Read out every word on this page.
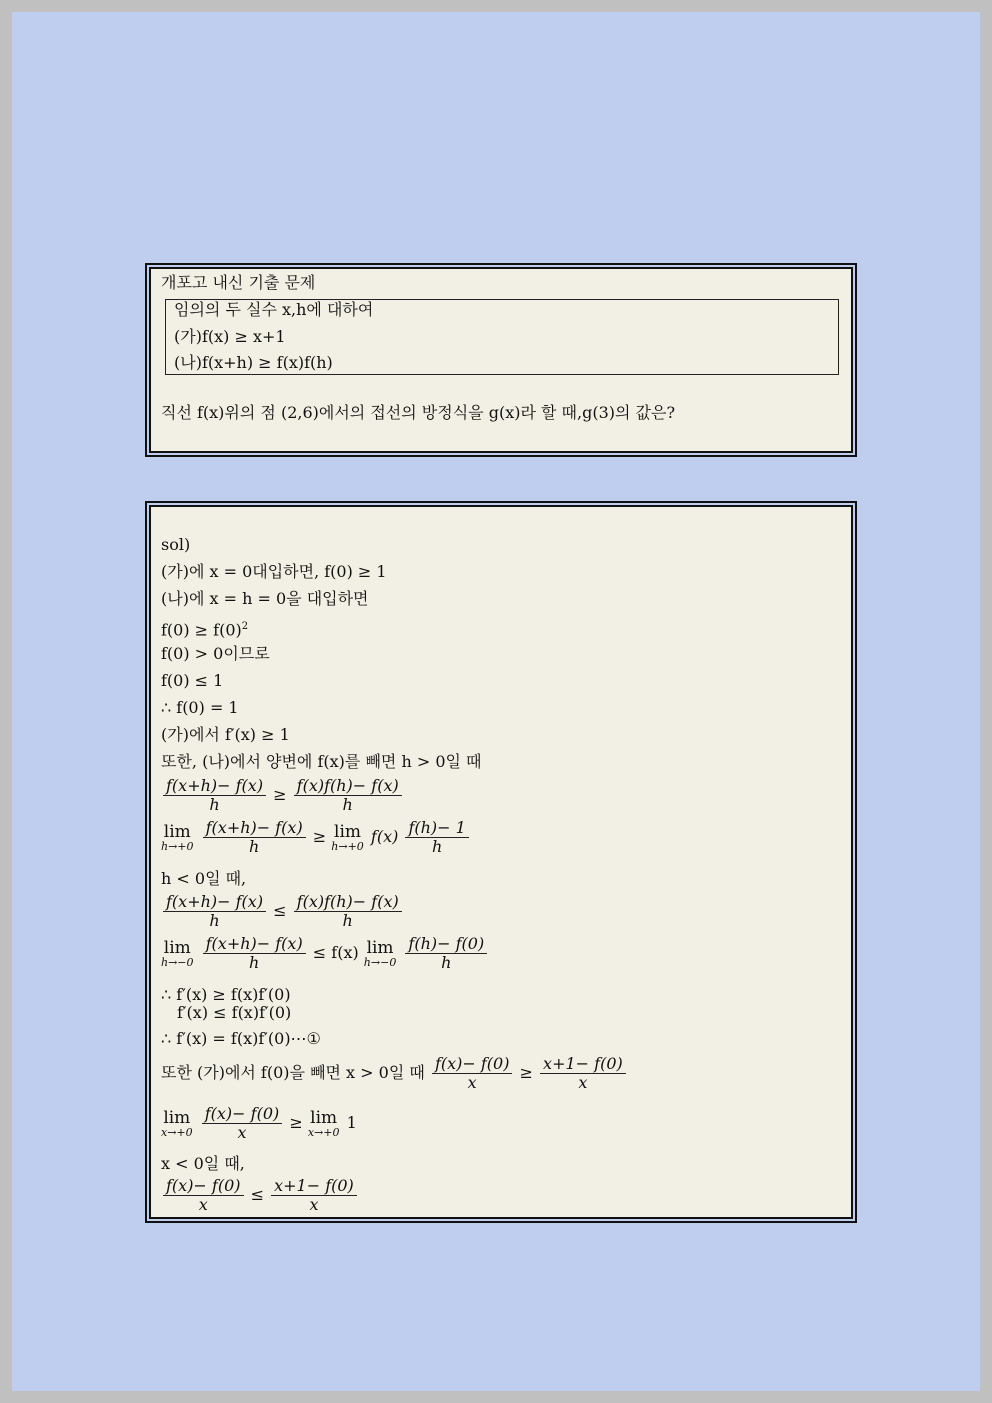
개포고 내신 기출 문제
임의의 두 실수 x,h에 대하여
(가)f(x) ≥ x+1
(나)f(x+h) ≥ f(x)f(h)
직선 f(x)위의 점 (2,6)에서의 접선의 방정식을 g(x)라 할 때,g(3)의 값은?
sol)
(가)에 x = 0대입하면, f(0) ≥ 1
(나)에 x = h = 0을 대입하면
$f(0) \ge f(0)^2$
f(0) > 0이므로
f(0) ≤ 1
∴ f(0) = 1
(가)에서 f′(x) ≥ 1
또한, (나)에서 양변에 f(x)를 빼면 h > 0일 때
$\frac{f(x+h)- f(x)}{h} \ge \frac{f(x)f(h)- f(x)}{h}$
lim
h→+0
$\frac{f(x+h)- f(x)}{h} \ge \lim$
h→+0 $f(x) \frac{f(h)- 1}{h}$
h < 0일 때,
$\frac{f(x+h)- f(x)}{h} \le \frac{f(x)f(h)- f(x)}{h}$
lim
h→−0
$\frac{f(x+h)- f(x)}{h} \le f(x)$ lim
h→−0
$\frac{f(h)- f(0)}{h}$
∴ f′(x) ≥ f(x)f′(0)
f′(x) ≤ f(x)f′(0)
∴ f′(x) = f(x)f′(0)⋯①
또한 (가)에서 f(0)을 빼면 x > 0일 때 $\frac{f(x)- f(0)}{x} \ge \frac{x+1- f(0)}{x}$
lim
x→+0
$\frac{f(x)- f(0)}{x} \ge \lim$
x→+0 1
x < 0일 때,
$\frac{f(x)- f(0)}{x} \le \frac{x+1- f(0)}{x}$
